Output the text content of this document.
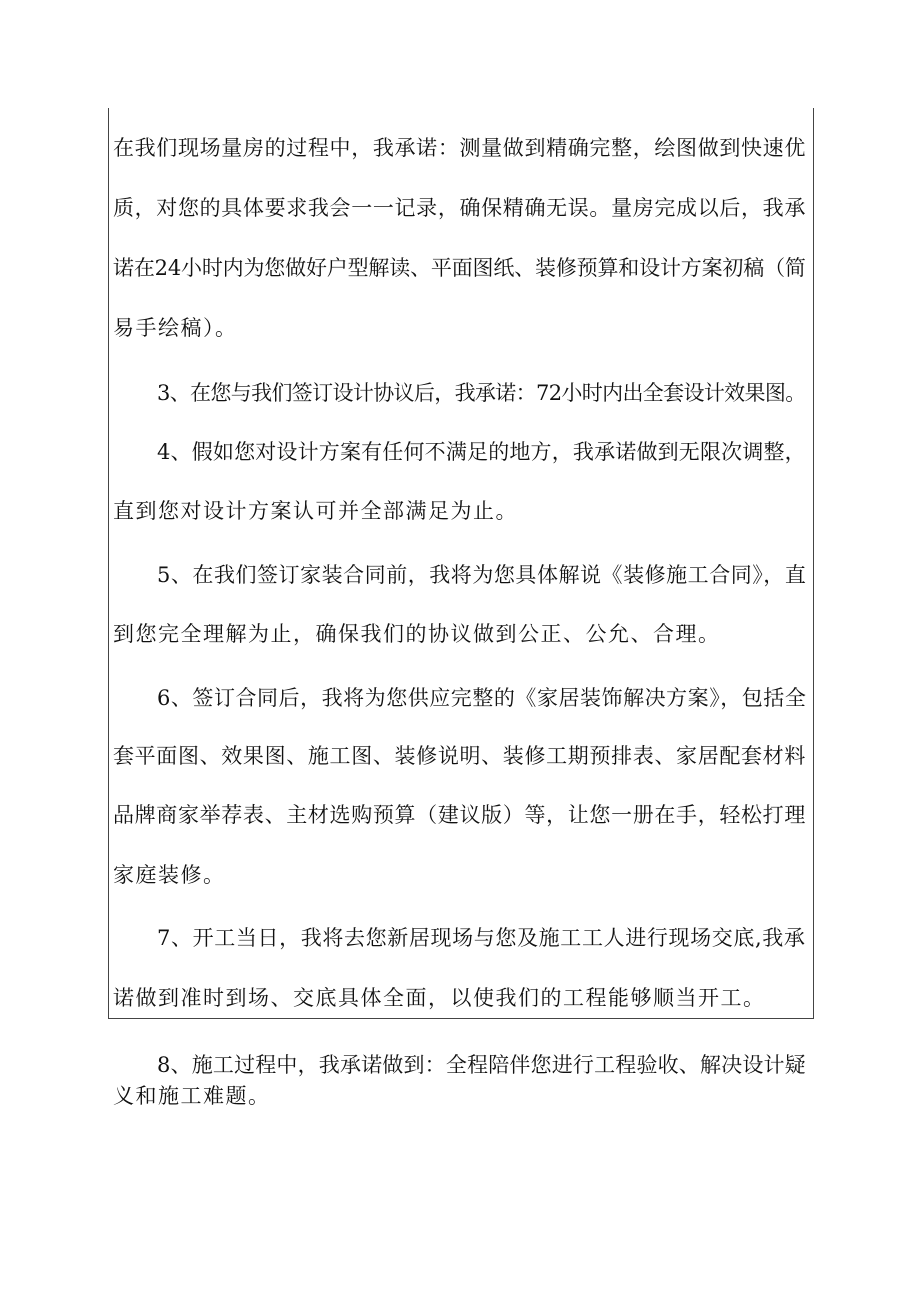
在我们现场量房的过程中，我承诺：测量做到精确完整，绘图做到快速优

质，对您的具体要求我会一一记录，确保精确无误。量房完成以后，我承

诺在24小时内为您做好户型解读、平面图纸、装修预算和设计方案初稿（简

易手绘稿）。

3、在您与我们签订设计协议后，我承诺：72小时内出全套设计效果图。

4、假如您对设计方案有任何不满足的地方，我承诺做到无限次调整，

直到您对设计方案认可并全部满足为止。

5、在我们签订家装合同前，我将为您具体解说《装修施工合同》，直

到您完全理解为止，确保我们的协议做到公正、公允、合理。

6、签订合同后，我将为您供应完整的《家居装饰解决方案》，包括全

套平面图、效果图、施工图、装修说明、装修工期预排表、家居配套材料

品牌商家举荐表、主材选购预算（建议版）等，让您一册在手，轻松打理

家庭装修。

7、开工当日，我将去您新居现场与您及施工工人进行现场交底,我承

诺做到准时到场、交底具体全面，以使我们的工程能够顺当开工。

8、施工过程中，我承诺做到：全程陪伴您进行工程验收、解决设计疑

义和施工难题。
